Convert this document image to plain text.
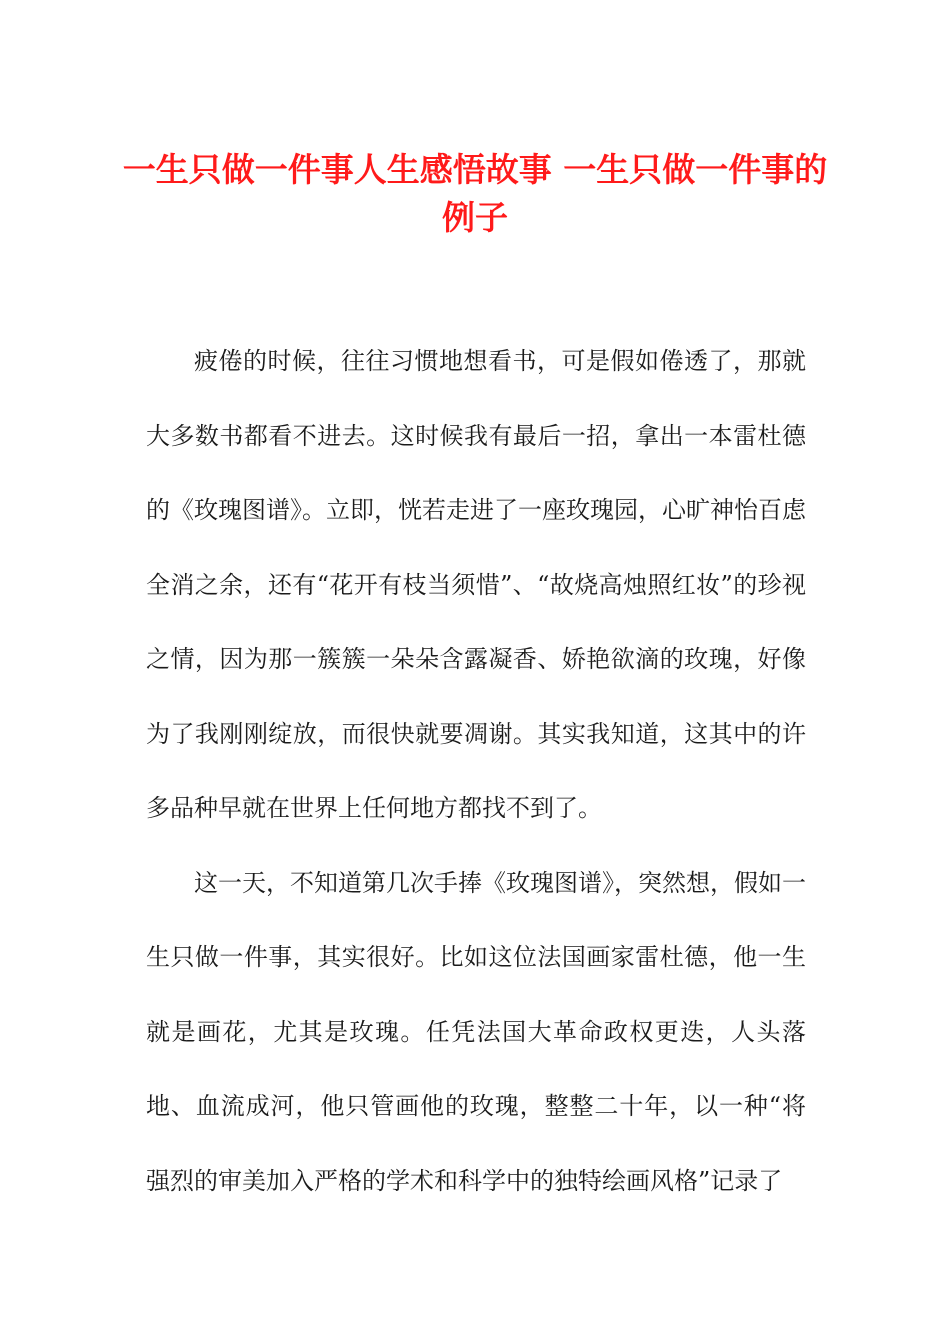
一生只做一件事人生感悟故事 一生只做一件事的例子

疲倦的时候，往往习惯地想看书，可是假如倦透了，那就大多数书都看不进去。这时候我有最后一招，拿出一本雷杜德的《玫瑰图谱》。立即，恍若走进了一座玫瑰园，心旷神怡百虑全消之余，还有“花开有枝当须惜”、“故烧高烛照红妆”的珍视之情，因为那一簇簇一朵朵含露凝香、娇艳欲滴的玫瑰，好像为了我刚刚绽放，而很快就要凋谢。其实我知道，这其中的许多品种早就在世界上任何地方都找不到了。

这一天，不知道第几次手捧《玫瑰图谱》，突然想，假如一生只做一件事，其实很好。比如这位法国画家雷杜德，他一生就是画花，尤其是玫瑰。任凭法国大革命政权更迭，人头落地、血流成河，他只管画他的玫瑰，整整二十年，以一种“将强烈的审美加入严格的学术和科学中的独特绘画风格”记录了
